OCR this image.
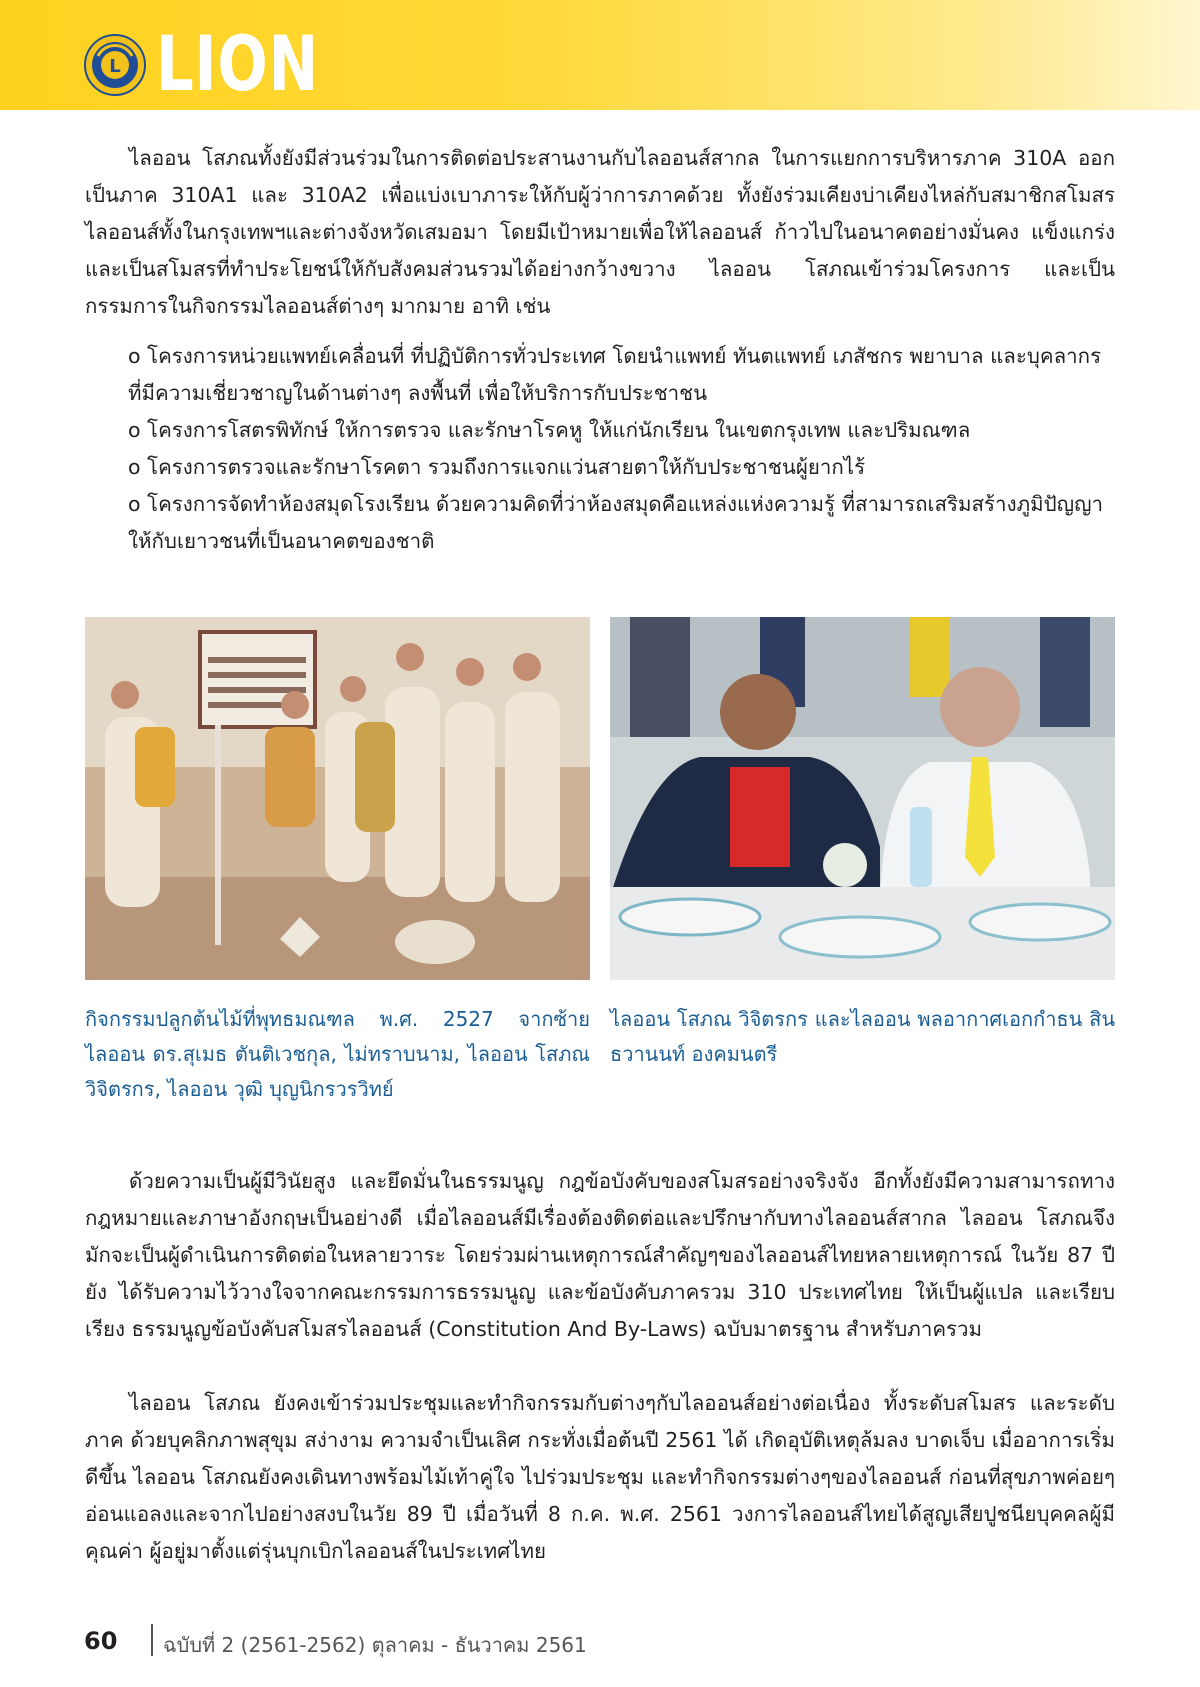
L LION

ไลออน โสภณทั้งยังมีส่วนร่วมในการติดต่อประสานงานกับไลออนส์สากล ในการแยกการบริหารภาค 310A ออกเป็นภาค 310A1 และ 310A2 เพื่อแบ่งเบาภาระให้กับผู้ว่าการภาคด้วย ทั้งยังร่วมเคียงบ่าเคียงไหล่กับสมาชิกสโมสรไลออนส์ทั้งในกรุงเทพฯและต่างจังหวัดเสมอมา โดยมีเป้าหมายเพื่อให้ไลออนส์ ก้าวไปในอนาคตอย่างมั่นคง แข็งแกร่ง และเป็นสโมสรที่ทำประโยชน์ให้กับสังคมส่วนรวมได้อย่างกว้างขวาง ไลออน โสภณเข้าร่วมโครงการ และเป็นกรรมการในกิจกรรมไลออนส์ต่างๆ มากมาย อาทิ เช่น

o โครงการหน่วยแพทย์เคลื่อนที่ ที่ปฏิบัติการทั่วประเทศ โดยนำแพทย์ ทันตแพทย์ เภสัชกร พยาบาล และบุคลากร ที่มีความเชี่ยวชาญในด้านต่างๆ ลงพื้นที่ เพื่อให้บริการกับประชาชน
o โครงการโสตรพิทักษ์ ให้การตรวจ และรักษาโรคหู ให้แก่นักเรียน ในเขตกรุงเทพ และปริมณฑล
o โครงการตรวจและรักษาโรคตา รวมถึงการแจกแว่นสายตาให้กับประชาชนผู้ยากไร้
o โครงการจัดทำห้องสมุดโรงเรียน ด้วยความคิดที่ว่าห้องสมุดคือแหล่งแห่งความรู้ ที่สามารถเสริมสร้างภูมิปัญญา ให้กับเยาวชนที่เป็นอนาคตของชาติ

กิจกรรมปลูกต้นไม้ที่พุทธมณฑล พ.ศ. 2527 จากซ้าย ไลออน ดร.สุเมธ ตันติเวชกุล, ไม่ทราบนาม, ไลออน โสภณ วิจิตรกร, ไลออน วุฒิ บุญนิกรวรวิทย์

ไลออน โสภณ วิจิตรกร และไลออน พลอากาศเอกกำธน สินธวานนท์ องคมนตรี

ด้วยความเป็นผู้มีวินัยสูง และยึดมั่นในธรรมนูญ กฎข้อบังคับของสโมสรอย่างจริงจัง อีกทั้งยังมีความสามารถทางกฎหมายและภาษาอังกฤษเป็นอย่างดี เมื่อไลออนส์มีเรื่องต้องติดต่อและปรึกษากับทางไลออนส์สากล ไลออน โสภณจึงมักจะเป็นผู้ดำเนินการติดต่อในหลายวาระ โดยร่วมผ่านเหตุการณ์สำคัญๆของไลออนส์ไทยหลายเหตุการณ์ ในวัย 87 ปี ยัง ได้รับความไว้วางใจจากคณะกรรมการธรรมนูญ และข้อบังคับภาครวม 310 ประเทศไทย ให้เป็นผู้แปล และเรียบเรียง ธรรมนูญข้อบังคับสโมสรไลออนส์ (Constitution And By-Laws) ฉบับมาตรฐาน สำหรับภาครวม

ไลออน โสภณ ยังคงเข้าร่วมประชุมและทำกิจกรรมกับต่างๆกับไลออนส์อย่างต่อเนื่อง ทั้งระดับสโมสร และระดับภาค ด้วยบุคลิกภาพสุขุม สง่างาม ความจำเป็นเลิศ กระทั่งเมื่อต้นปี 2561 ได้ เกิดอุบัติเหตุล้มลง บาดเจ็บ เมื่ออาการเริ่มดีขึ้น ไลออน โสภณยังคงเดินทางพร้อมไม้เท้าคู่ใจ ไปร่วมประชุม และทำกิจกรรมต่างๆของไลออนส์ ก่อนที่สุขภาพค่อยๆอ่อนแอลงและจากไปอย่างสงบในวัย 89 ปี เมื่อวันที่ 8 ก.ค. พ.ศ. 2561 วงการไลออนส์ไทยได้สูญเสียปูชนียบุคคลผู้มีคุณค่า ผู้อยู่มาตั้งแต่รุ่นบุกเบิกไลออนส์ในประเทศไทย

60 ฉบับที่ 2 (2561-2562) ตุลาคม - ธันวาคม 2561
